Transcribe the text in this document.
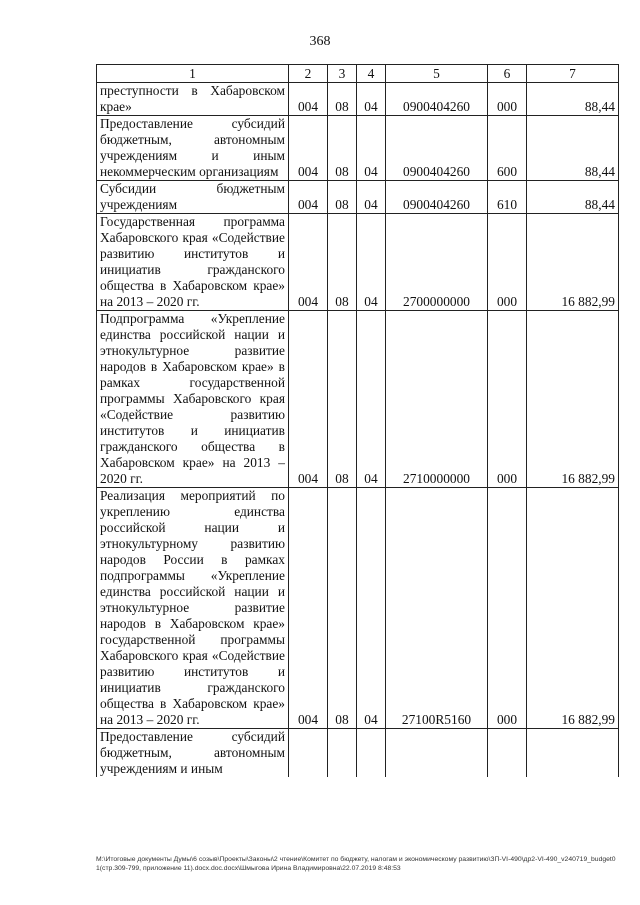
368
1	2	3	4	5	6	7
преступности в Хабаровском крае»	004	08	04	0900404260	000	88,44
Предоставление субсидий бюджетным, автономным учреждениям и иным некоммерческим организациям	004	08	04	0900404260	600	88,44
Субсидии бюджетным учреждениям	004	08	04	0900404260	610	88,44
Государственная программа Хабаровского края «Содействие развитию институтов и инициатив гражданского общества в Хабаровском крае» на 2013 – 2020 гг.	004	08	04	2700000000	000	16 882,99
Подпрограмма «Укрепление единства российской нации и этнокультурное развитие народов в Хабаровском крае» в рамках государственной программы Хабаровского края «Содействие развитию институтов и инициатив гражданского общества в Хабаровском крае» на 2013 – 2020 гг.	004	08	04	2710000000	000	16 882,99
Реализация мероприятий по укреплению единства российской нации и этнокультурному развитию народов России в рамках подпрограммы «Укрепление единства российской нации и этнокультурное развитие народов в Хабаровском крае» государственной программы Хабаровского края «Содействие развитию институтов и инициатив гражданского общества в Хабаровском крае» на 2013 – 2020 гг.	004	08	04	27100R5160	000	16 882,99
Предоставление субсидий бюджетным, автономным учреждениям и иным						
M:\Итоговые документы Думы\6 созыв\Проекты\Законы\2 чтение\Комитет по бюджету, налогам и экономическому развитию\ЗП-VI-490\др2-VI-490_v240719_budget01(стр.309-799, приложение 11).docx.doc.docx\Шмыгова Ирина Владимировна\22.07.2019 8:48:53
